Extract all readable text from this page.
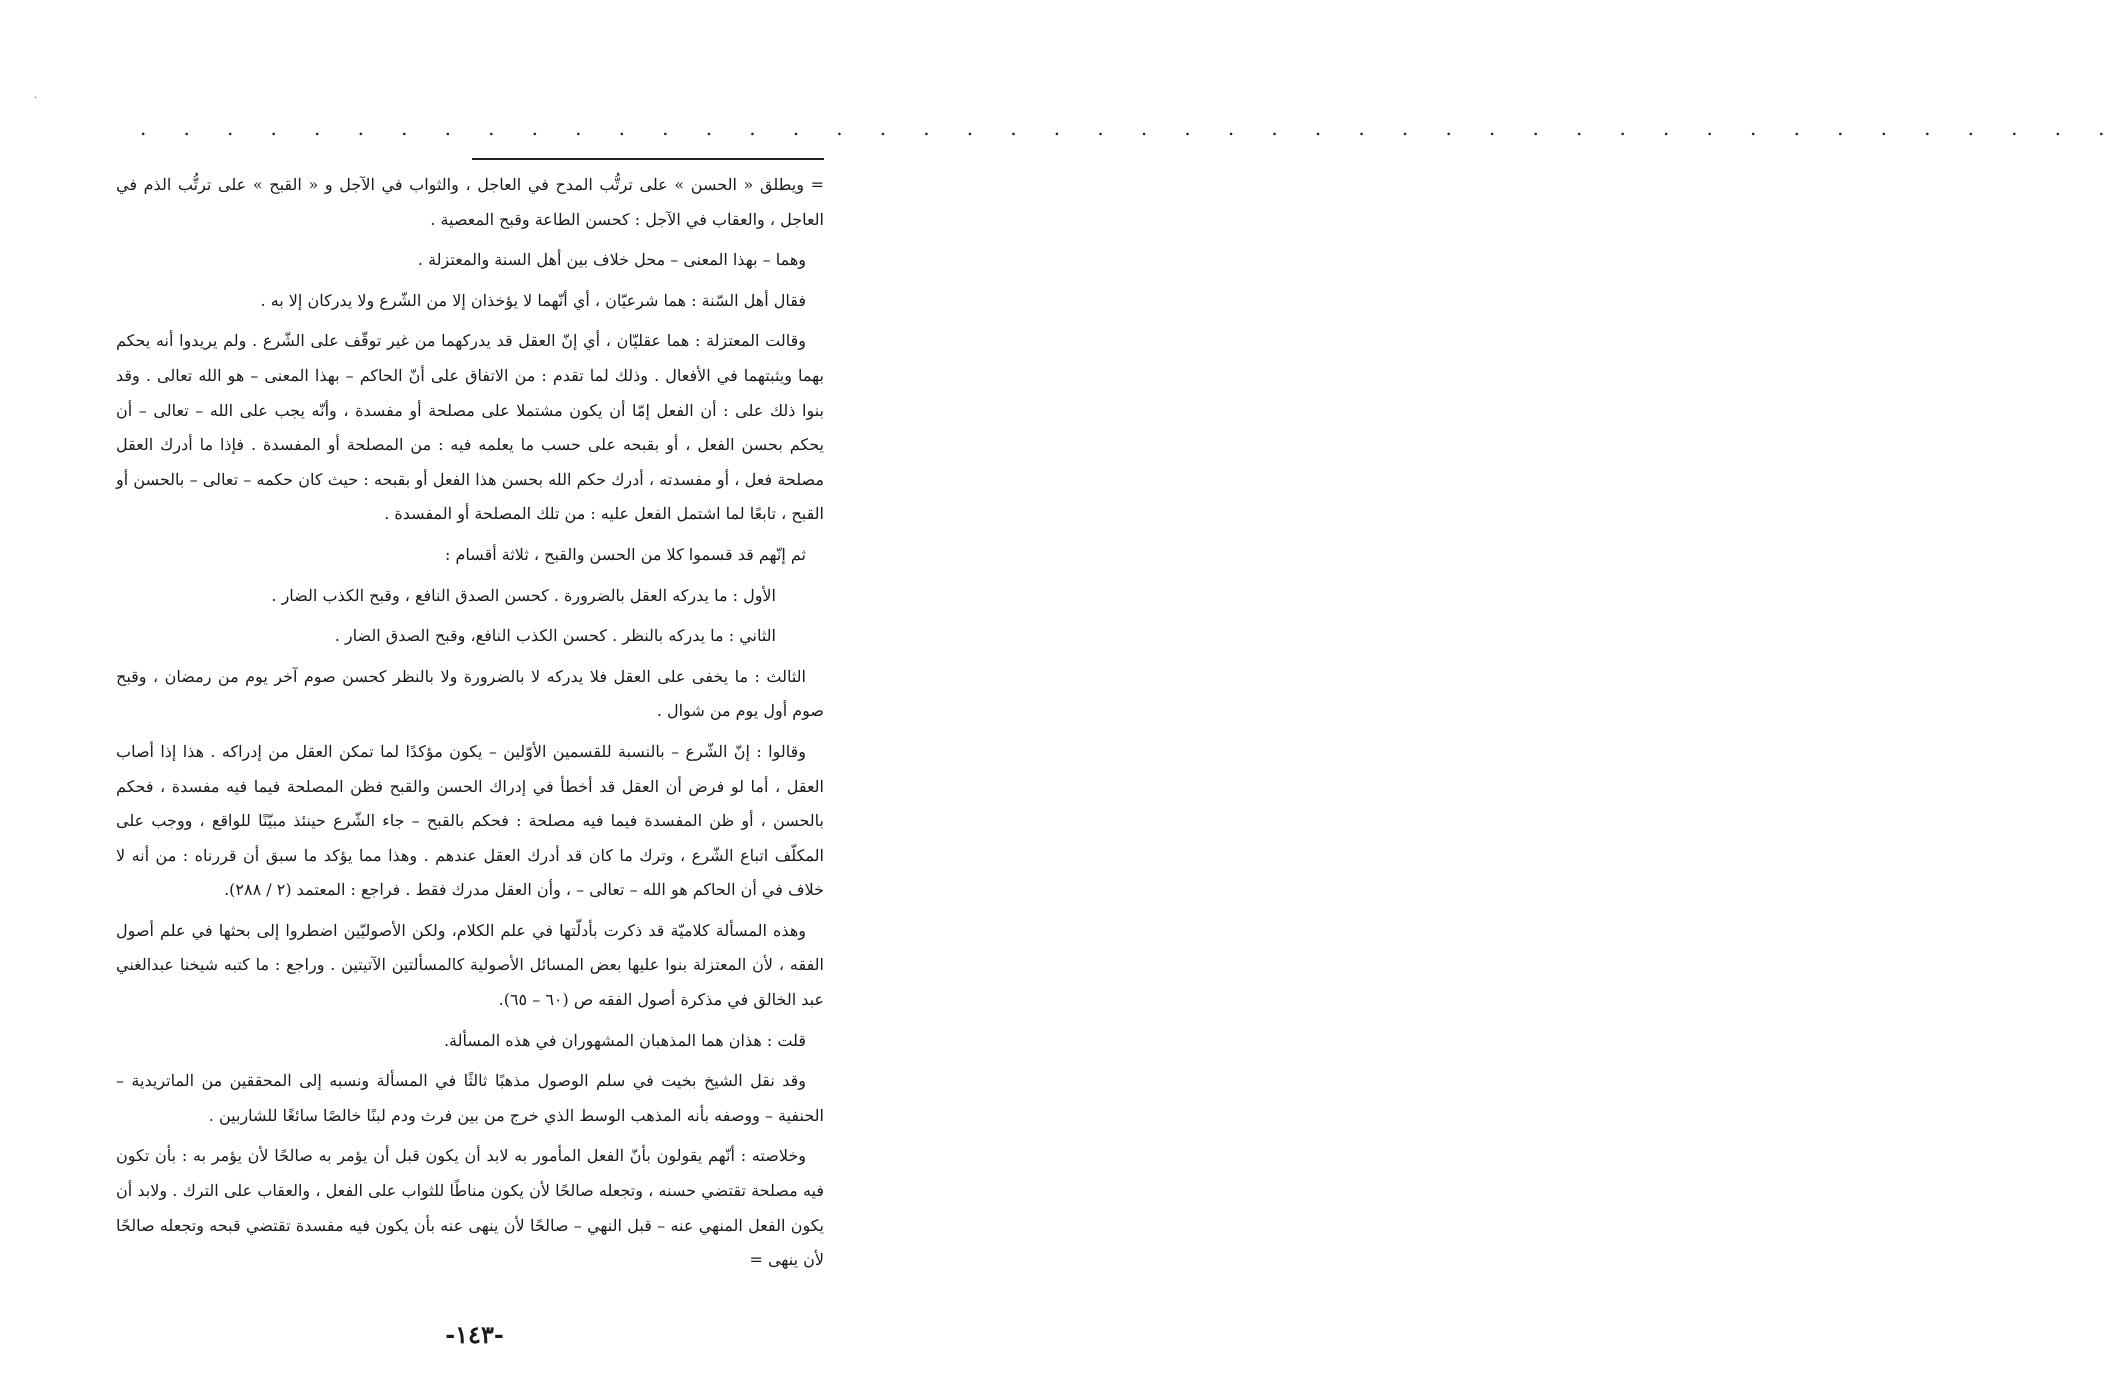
.
. . . . . . . . . . . . . . . . . . . . . . . . . . . . . . . . . . . . . . . . . . . . . .

= ويطلق « الحسن » على ترتُّب المدح في العاجل ، والثواب في الآجل و « القبح » على ترتُّب الذم في العاجل ، والعقاب في الآجل : كحسن الطاعة وقبح المعصية .

وهما – بهذا المعنى – محل خلاف بين أهل السنة والمعتزلة .

فقال أهل السّنة : هما شرعيّان ، أي أنّهما لا يؤخذان إلا من الشّرع ولا يدركان إلا به .

وقالت المعتزلة : هما عقليّان ، أي إنّ العقل قد يدركهما من غير توقّف على الشّرع . ولم يريدوا أنه يحكم بهما ويثبتهما في الأفعال . وذلك لما تقدم : من الاتفاق على أنّ الحاكم – بهذا المعنى – هو الله تعالى . وقد بنوا ذلك على : أن الفعل إمّا أن يكون مشتملا على مصلحة أو مفسدة ، وأنّه يجب على الله – تعالى – أن يحكم بحسن الفعل ، أو بقبحه على حسب ما يعلمه فيه : من المصلحة أو المفسدة . فإذا ما أدرك العقل مصلحة فعل ، أو مفسدته ، أدرك حكم الله بحسن هذا الفعل أو بقبحه : حيث كان حكمه – تعالى – بالحسن أو القبح ، تابعًا لما اشتمل الفعل عليه : من تلك المصلحة أو المفسدة .

ثم إنّهم قد قسموا كلا من الحسن والقبح ، ثلاثة أقسام :

الأول : ما يدركه العقل بالضرورة . كحسن الصدق النافع ، وقبح الكذب الضار .

الثاني : ما يدركه بالنظر . كحسن الكذب النافع، وقبح الصدق الضار .

الثالث : ما يخفى على العقل فلا يدركه لا بالضرورة ولا بالنظر كحسن صوم آخر يوم من رمضان ، وقبح صوم أول يوم من شوال .

وقالوا : إنّ الشّرع – بالنسبة للقسمين الأوّلين – يكون مؤكدًا لما تمكن العقل من إدراكه . هذا إذا أصاب العقل ، أما لو فرض أن العقل قد أخطأ في إدراك الحسن والقبح فظن المصلحة فيما فيه مفسدة ، فحكم بالحسن ، أو ظن المفسدة فيما فيه مصلحة : فحكم بالقبح – جاء الشّرع حينئذ مبيّنًا للواقع ، ووجب على المكلّف اتباع الشّرع ، وترك ما كان قد أدرك العقل عندهم . وهذا مما يؤكد ما سبق أن قررناه : من أنه لا خلاف في أن الحاكم هو الله – تعالى – ، وأن العقل مدرك فقط . فراجع : المعتمد (٢ / ٢٨٨).

وهذه المسألة كلاميّة قد ذكرت بأدلّتها في علم الكلام، ولكن الأصوليّين اضطروا إلى بحثها في علم أصول الفقه ، لأن المعتزلة بنوا عليها بعض المسائل الأصولية كالمسألتين الآتيتين . وراجع : ما كتبه شيخنا عبدالغني عبد الخالق في مذكرة أصول الفقه ص (٦٠ – ٦٥).

قلت : هذان هما المذهبان المشهوران في هذه المسألة.

وقد نقل الشيخ بخيت في سلم الوصول مذهبًا ثالثًا في المسألة ونسبه إلى المحققين من الماتريدية – الحنفية – ووصفه بأنه المذهب الوسط الذي خرج من بين فرث ودم لبنًا خالصًا سائغًا للشاربين .

وخلاصته : أنّهم يقولون بأنّ الفعل المأمور به لابد أن يكون قبل أن يؤمر به صالحًا لأن يؤمر به : بأن تكون فيه مصلحة تقتضي حسنه ، وتجعله صالحًا لأن يكون مناطًا للثواب على الفعل ، والعقاب على الترك . ولابد أن يكون الفعل المنهي عنه – قبل النهي – صالحًا لأن ينهى عنه بأن يكون فيه مفسدة تقتضي قبحه وتجعله صالحًا لأن ينهى =

-١٤٣-
